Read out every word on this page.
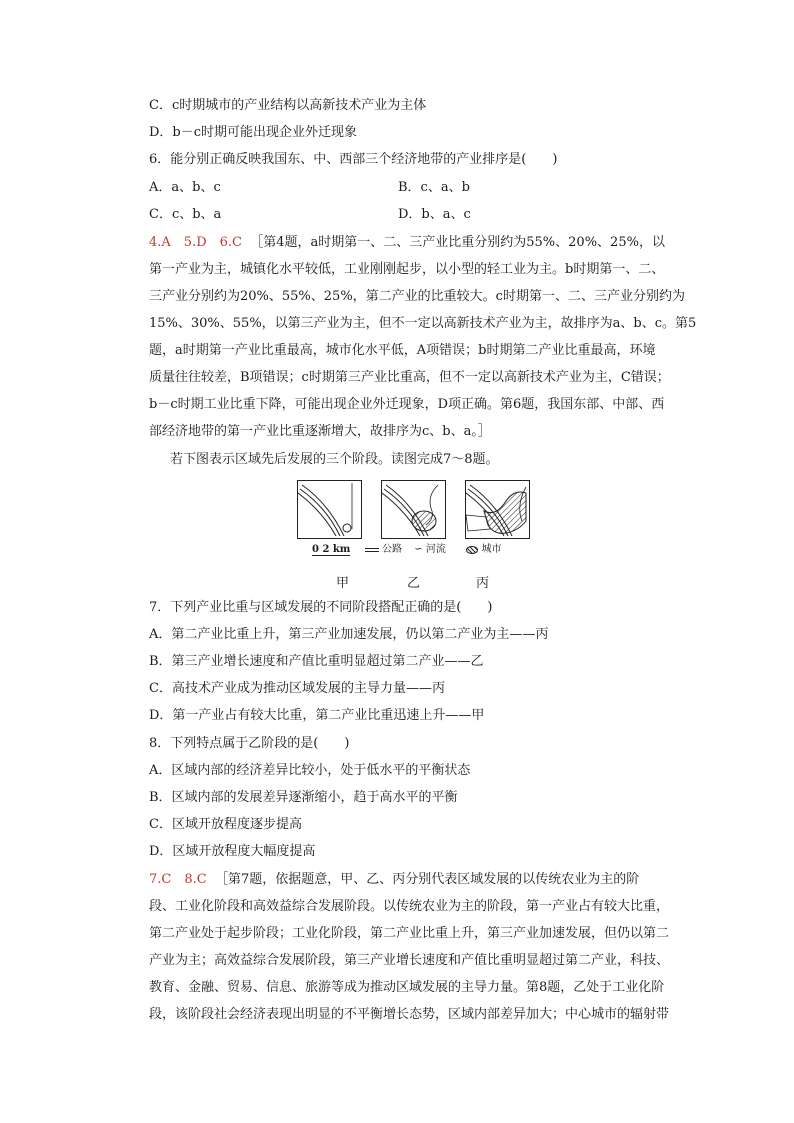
C．c时期城市的产业结构以高新技术产业为主体
D．b－c时期可能出现企业外迁现象
6．能分别正确反映我国东、中、西部三个经济地带的产业排序是(　　)
A．a、b、c	B．c、a、b
C．c、b、a	D．b、a、c
4.A　5.D　6.C ［第4题，a时期第一、二、三产业比重分别约为55%、20%、25%，以
第一产业为主，城镇化水平较低，工业刚刚起步，以小型的轻工业为主。b时期第一、二、
三产业分别约为20%、55%、25%，第二产业的比重较大。c时期第一、二、三产业分别约为
15%、30%、55%，以第三产业为主，但不一定以高新技术产业为主，故排序为a、b、c。第5
题，a时期第一产业比重最高，城市化水平低，A项错误；b时期第二产业比重最高，环境
质量往往较差，B项错误；c时期第三产业比重高，但不一定以高新技术产业为主，C错误；
b－c时期工业比重下降，可能出现企业外迁现象，D项正确。第6题，我国东部、中部、西
部经济地带的第一产业比重逐渐增大，故排序为c、b、a。］
若下图表示区域先后发展的三个阶段。读图完成7～8题。
0 2 km	公路 ∽ 河流	城市
甲	乙	丙
7．下列产业比重与区域发展的不同阶段搭配正确的是(　　)
A．第二产业比重上升，第三产业加速发展，仍以第二产业为主——丙
B．第三产业增长速度和产值比重明显超过第二产业——乙
C．高技术产业成为推动区域发展的主导力量——丙
D．第一产业占有较大比重，第二产业比重迅速上升——甲
8．下列特点属于乙阶段的是(　　)
A．区域内部的经济差异比较小，处于低水平的平衡状态
B．区域内部的发展差异逐渐缩小，趋于高水平的平衡
C．区域开放程度逐步提高
D．区域开放程度大幅度提高
7.C　8.C ［第7题，依据题意，甲、乙、丙分别代表区域发展的以传统农业为主的阶
段、工业化阶段和高效益综合发展阶段。以传统农业为主的阶段，第一产业占有较大比重，
第二产业处于起步阶段；工业化阶段，第二产业比重上升，第三产业加速发展，但仍以第二
产业为主；高效益综合发展阶段，第三产业增长速度和产值比重明显超过第二产业，科技、
教育、金融、贸易、信息、旅游等成为推动区域发展的主导力量。第8题，乙处于工业化阶
段，该阶段社会经济表现出明显的不平衡增长态势，区域内部差异加大；中心城市的辐射带
